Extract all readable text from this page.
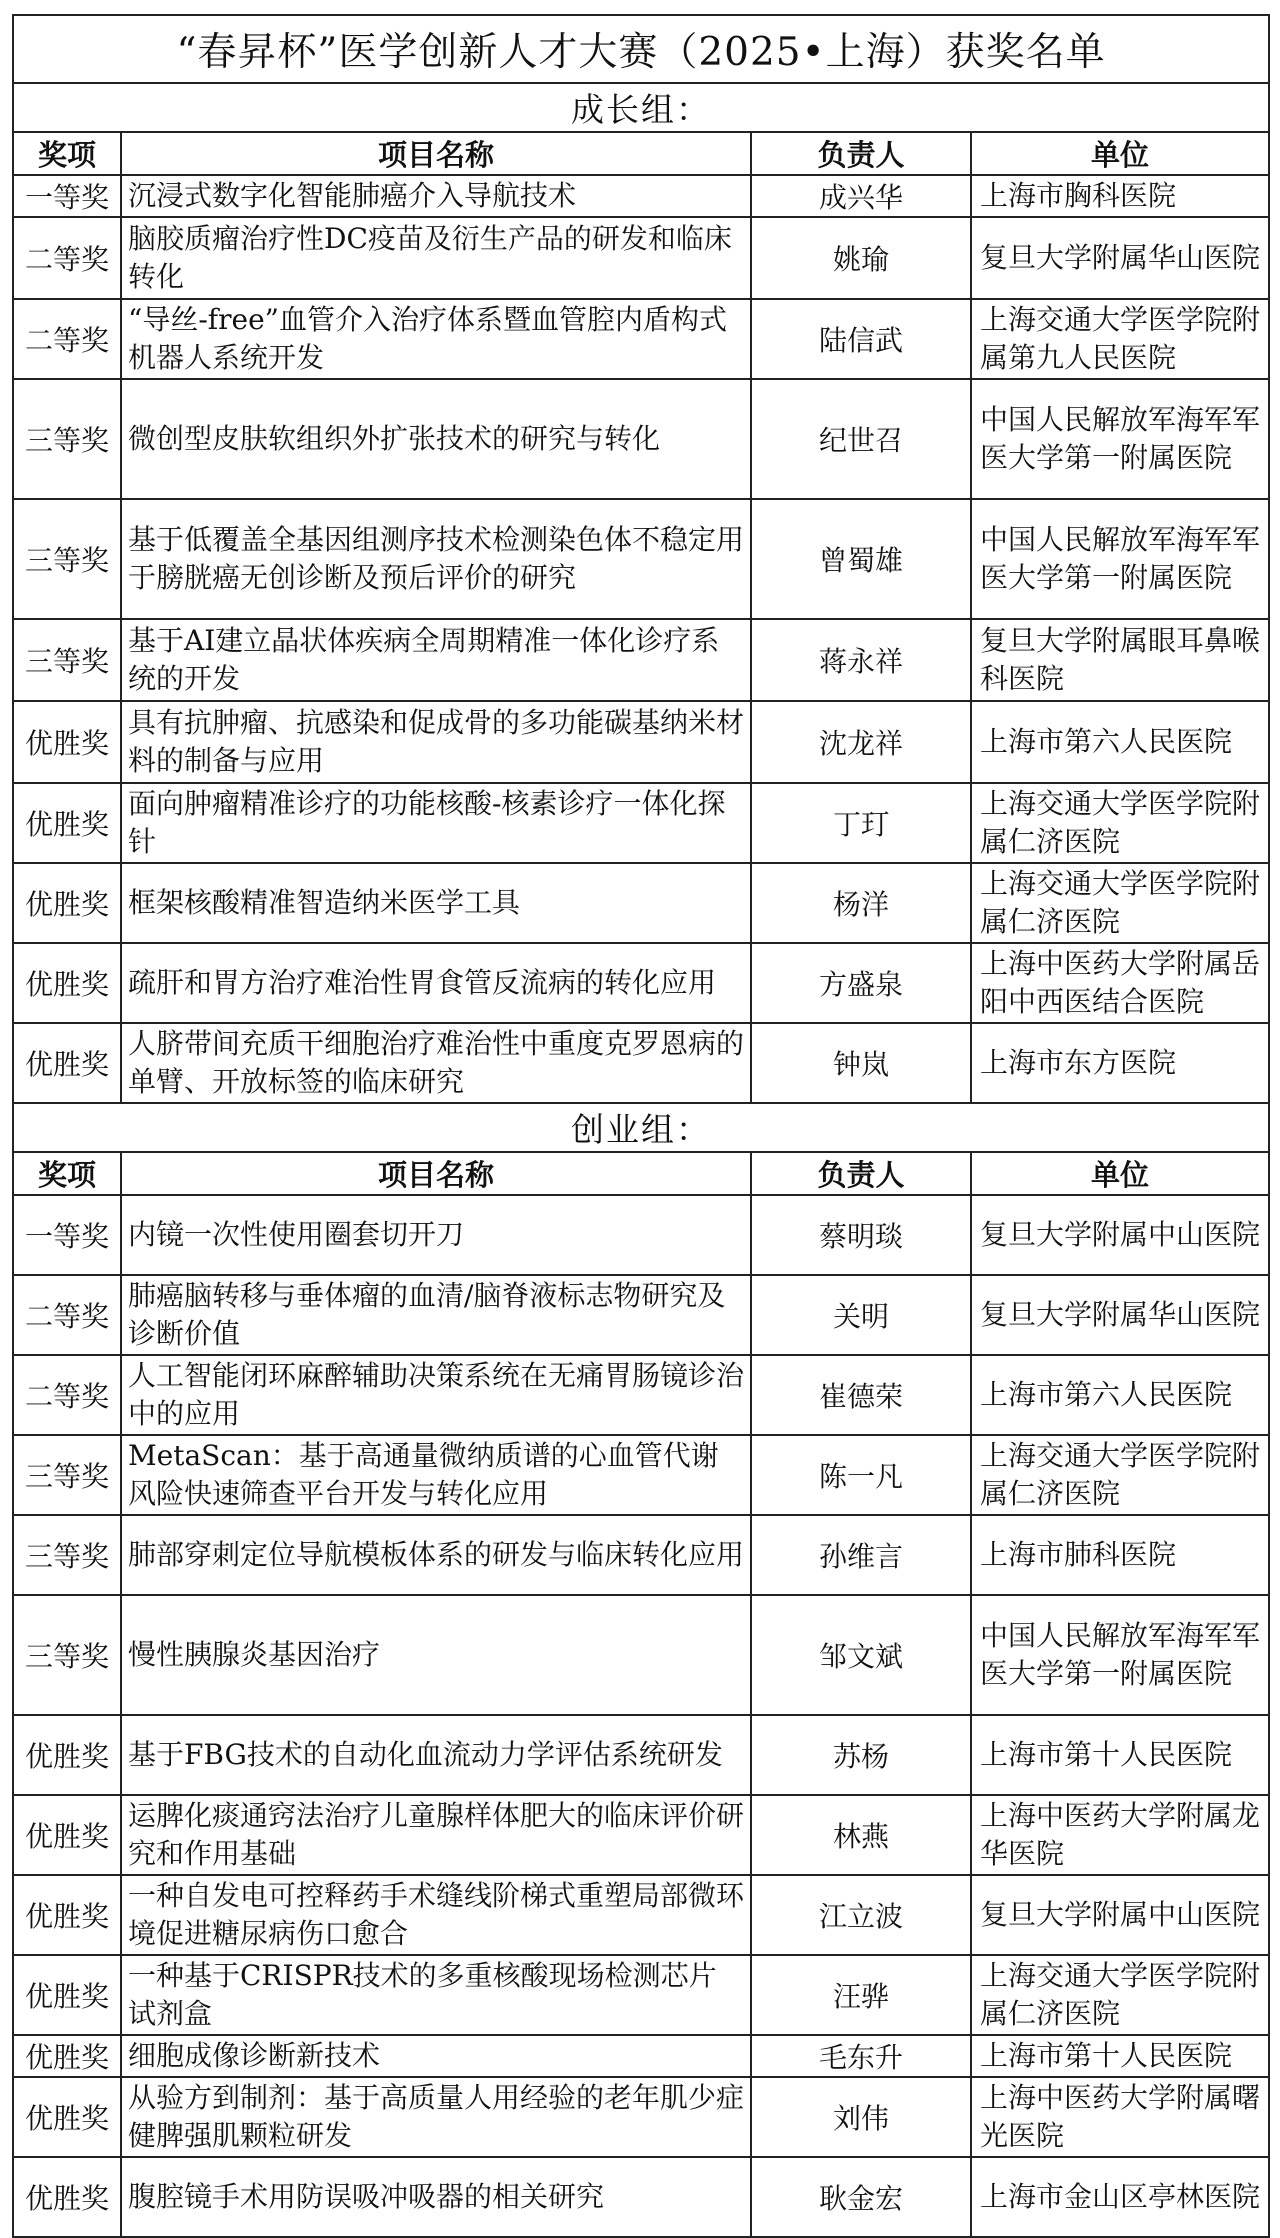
“春昇杯”医学创新人才大赛（2025•上海）获奖名单			
成长组：			
奖项	项目名称	负责人	单位
一等奖	沉浸式数字化智能肺癌介入导航技术	成兴华	上海市胸科医院
二等奖	脑胶质瘤治疗性DC疫苗及衍生产品的研发和临床转化	姚瑜	复旦大学附属华山医院
二等奖	“导丝-free”血管介入治疗体系暨血管腔内盾构式机器人系统开发	陆信武	上海交通大学医学院附属第九人民医院
三等奖	微创型皮肤软组织外扩张技术的研究与转化	纪世召	中国人民解放军海军军医大学第一附属医院
三等奖	基于低覆盖全基因组测序技术检测染色体不稳定用于膀胱癌无创诊断及预后评价的研究	曾蜀雄	中国人民解放军海军军医大学第一附属医院
三等奖	基于AI建立晶状体疾病全周期精准一体化诊疗系统的开发	蒋永祥	复旦大学附属眼耳鼻喉科医院
优胜奖	具有抗肿瘤、抗感染和促成骨的多功能碳基纳米材料的制备与应用	沈龙祥	上海市第六人民医院
优胜奖	面向肿瘤精准诊疗的功能核酸-核素诊疗一体化探针	丁玎	上海交通大学医学院附属仁济医院
优胜奖	框架核酸精准智造纳米医学工具	杨洋	上海交通大学医学院附属仁济医院
优胜奖	疏肝和胃方治疗难治性胃食管反流病的转化应用	方盛泉	上海中医药大学附属岳阳中西医结合医院
优胜奖	人脐带间充质干细胞治疗难治性中重度克罗恩病的单臂、开放标签的临床研究	钟岚	上海市东方医院
创业组：			
奖项	项目名称	负责人	单位
一等奖	内镜一次性使用圈套切开刀	蔡明琰	复旦大学附属中山医院
二等奖	肺癌脑转移与垂体瘤的血清/脑脊液标志物研究及诊断价值	关明	复旦大学附属华山医院
二等奖	人工智能闭环麻醉辅助决策系统在无痛胃肠镜诊治中的应用	崔德荣	上海市第六人民医院
三等奖	MetaScan：基于高通量微纳质谱的心血管代谢风险快速筛查平台开发与转化应用	陈一凡	上海交通大学医学院附属仁济医院
三等奖	肺部穿刺定位导航模板体系的研发与临床转化应用	孙维言	上海市肺科医院
三等奖	慢性胰腺炎基因治疗	邹文斌	中国人民解放军海军军医大学第一附属医院
优胜奖	基于FBG技术的自动化血流动力学评估系统研发	苏杨	上海市第十人民医院
优胜奖	运脾化痰通窍法治疗儿童腺样体肥大的临床评价研究和作用基础	林燕	上海中医药大学附属龙华医院
优胜奖	一种自发电可控释药手术缝线阶梯式重塑局部微环境促进糖尿病伤口愈合	江立波	复旦大学附属中山医院
优胜奖	一种基于CRISPR技术的多重核酸现场检测芯片试剂盒	汪骅	上海交通大学医学院附属仁济医院
优胜奖	细胞成像诊断新技术	毛东升	上海市第十人民医院
优胜奖	从验方到制剂：基于高质量人用经验的老年肌少症健脾强肌颗粒研发	刘伟	上海中医药大学附属曙光医院
优胜奖	腹腔镜手术用防误吸冲吸器的相关研究	耿金宏	上海市金山区亭林医院
